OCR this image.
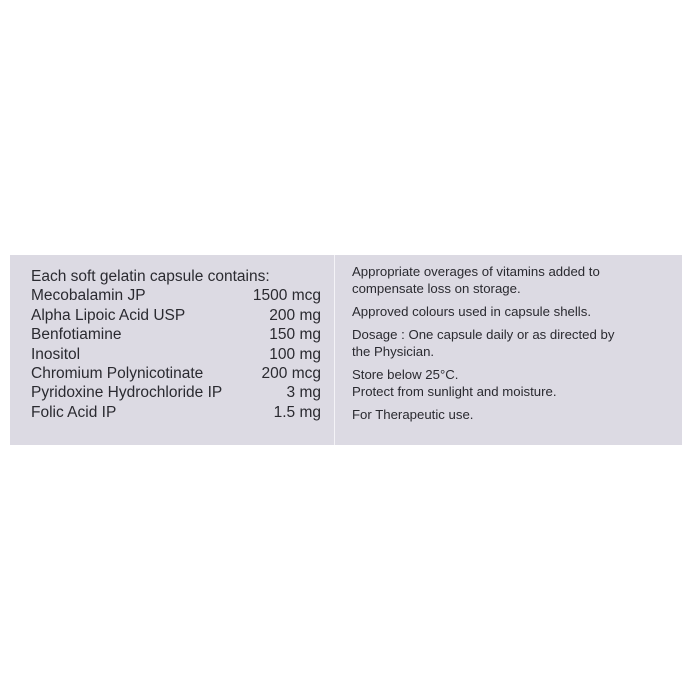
Each soft gelatin capsule contains:
Mecobalamin JP	1500 mcg
Alpha Lipoic Acid USP	200 mg
Benfotiamine	150 mg
Inositol	100 mg
Chromium Polynicotinate	200 mcg
Pyridoxine Hydrochloride IP	3 mg
Folic Acid IP	1.5 mg

Appropriate overages of vitamins added to

compensate loss on storage.

Approved colours used in capsule shells.

Dosage : One capsule daily or as directed by

the Physician.

Store below 25°C.

Protect from sunlight and moisture.

For Therapeutic use.
